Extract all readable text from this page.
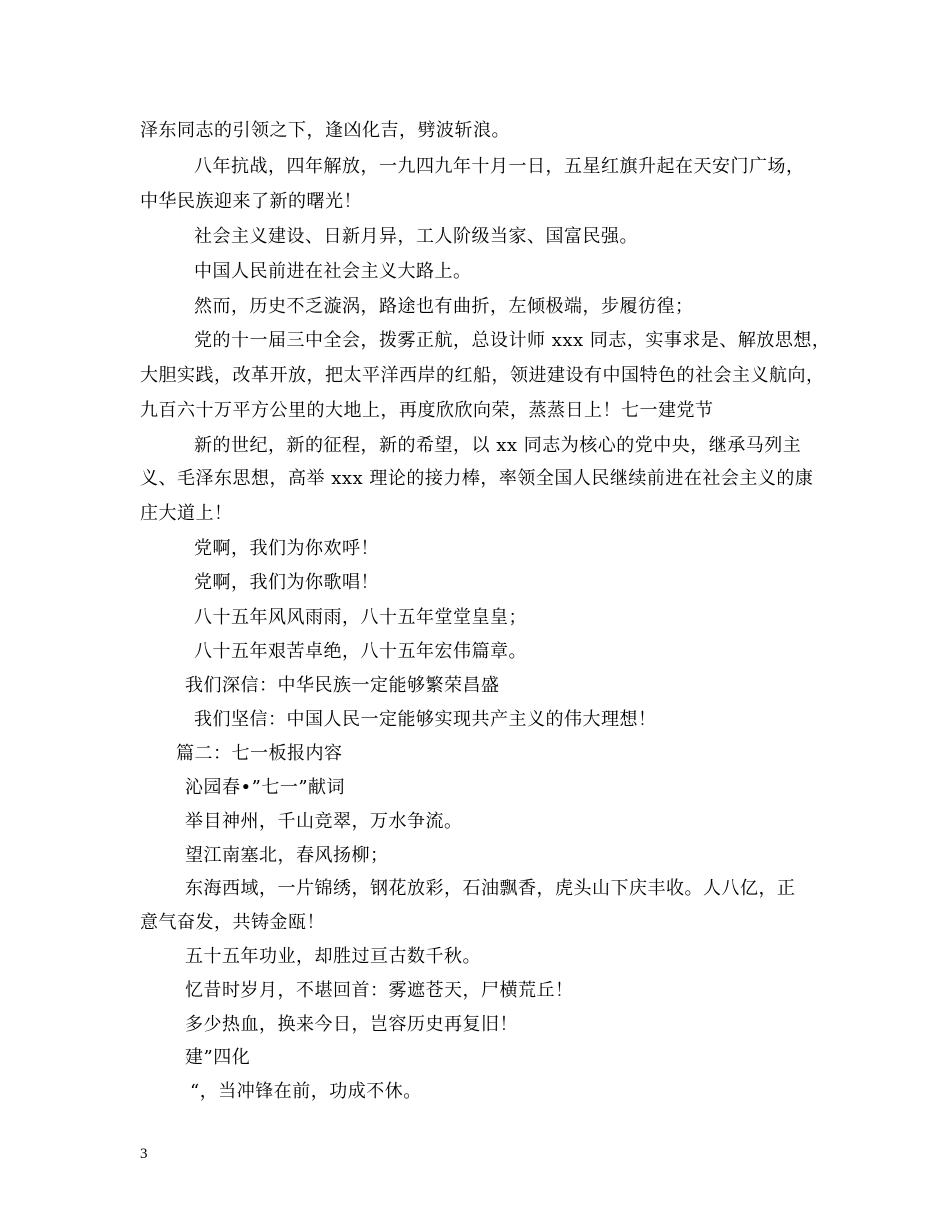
泽东同志的引领之下，逢凶化吉，劈波斩浪。
八年抗战，四年解放，一九四九年十月一日，五星红旗升起在天安门广场，
中华民族迎来了新的曙光！
社会主义建设、日新月异，工人阶级当家、国富民强。
中国人民前进在社会主义大路上。
然而，历史不乏漩涡，路途也有曲折，左倾极端，步履彷徨；
党的十一届三中全会，拨雾正航，总设计师 xxx 同志，实事求是、解放思想，
大胆实践，改革开放，把太平洋西岸的红船，领进建设有中国特色的社会主义航向，
九百六十万平方公里的大地上，再度欣欣向荣，蒸蒸日上！七一建党节
新的世纪，新的征程，新的希望，以 xx 同志为核心的党中央，继承马列主
义、毛泽东思想，高举 xxx 理论的接力棒，率领全国人民继续前进在社会主义的康
庄大道上！
党啊，我们为你欢呼！
党啊，我们为你歌唱！
八十五年风风雨雨，八十五年堂堂皇皇；
八十五年艰苦卓绝，八十五年宏伟篇章。
我们深信：中华民族一定能够繁荣昌盛
我们坚信：中国人民一定能够实现共产主义的伟大理想！
篇二：七一板报内容
沁园春•”七一”献词
举目神州，千山竞翠，万水争流。
望江南塞北，春风扬柳；
东海西域，一片锦绣，钢花放彩，石油飘香，虎头山下庆丰收。人八亿，正
意气奋发，共铸金瓯！
五十五年功业，却胜过亘古数千秋。
忆昔时岁月，不堪回首：雾遮苍天，尸横荒丘！
多少热血，换来今日，岂容历史再复旧！
建”四化
“，当冲锋在前，功成不休。
3
